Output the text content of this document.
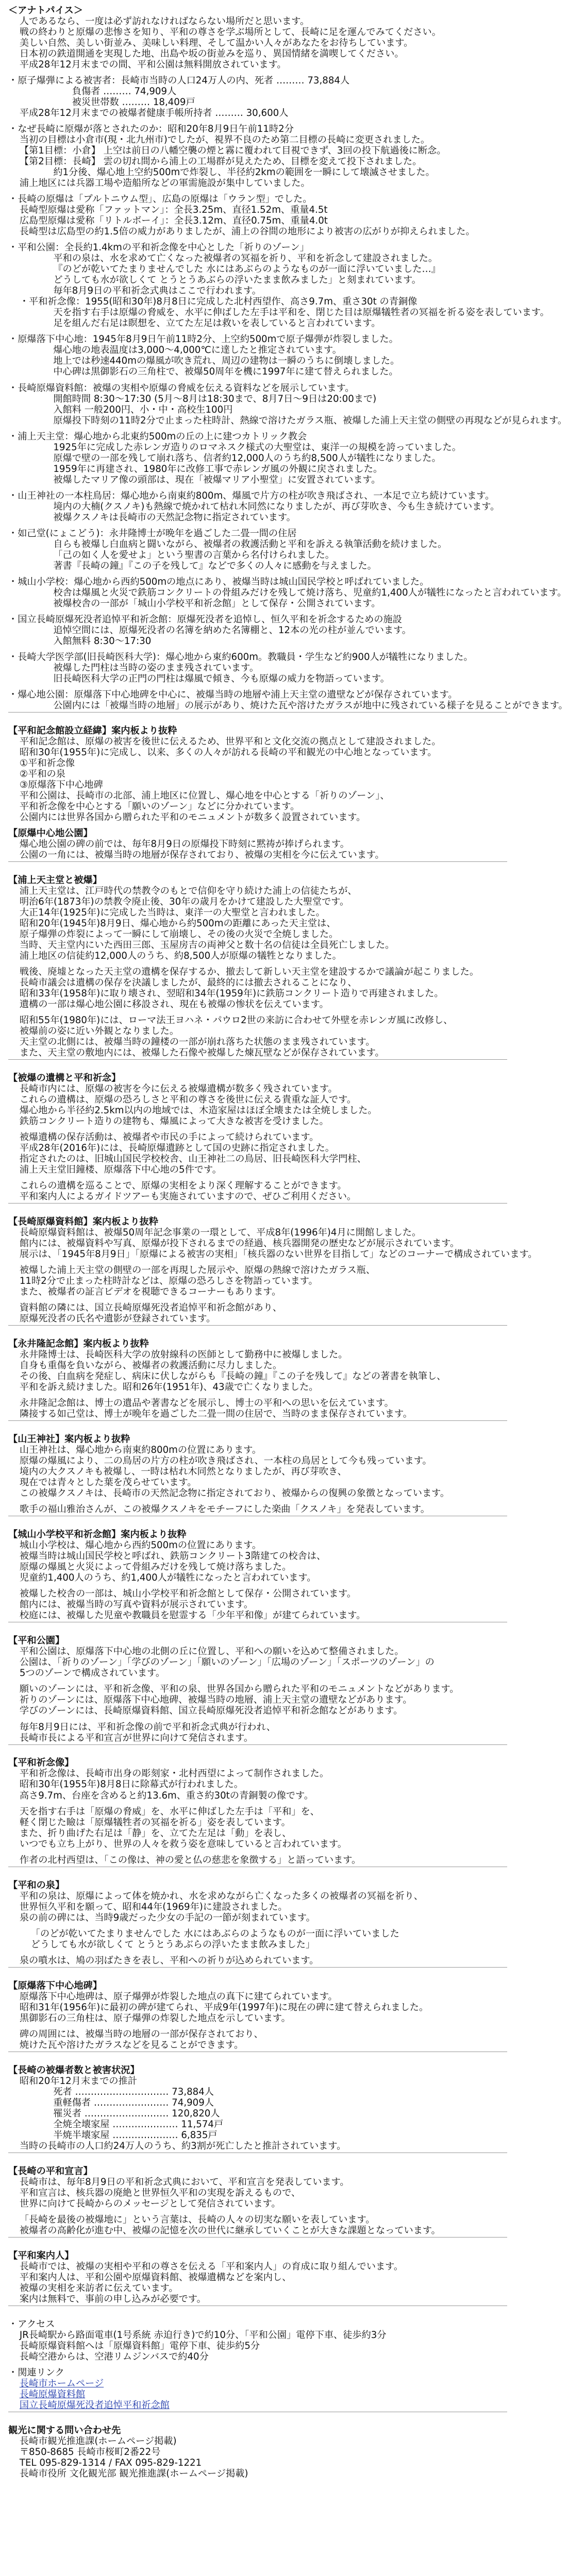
＜アナトパイス＞
人であるなら、一度は必ず訪れなければならない場所だと思います。
戦の終わりと原爆の悲惨さを知り、平和の尊さを学ぶ場所として、長崎に足を運んでみてください。
美しい自然、美しい街並み、美味しい料理、そして温かい人々があなたをお待ちしています。
日本初の鉄道開通を実現した地、出島や坂の街並みを巡り、異国情緒を満喫してください。
平成28年12月末までの間、平和公園は無料開放されています。
・原子爆弾による被害者：長崎市当時の人口24万人の内、死者 ……… 73,884人
負傷者 ……… 74,909人
被災世帯数 ……… 18,409戸
平成28年12月末までの被爆者健康手帳所持者 ……… 30,600人
・なぜ長崎に原爆が落とされたのか：昭和20年8月9日午前11時2分
当初の目標は小倉市(現・北九州市)でしたが、視界不良のため第二目標の長崎に変更されました。
【第1目標：小倉】 上空は前日の八幡空襲の煙と霧に覆われて目視できず、3回の投下航過後に断念。
【第2目標：長崎】 雲の切れ間から浦上の工場群が見えたため、目標を変えて投下されました。
約1分後、爆心地上空約500mで炸裂し、半径約2kmの範囲を一瞬にして壊滅させました。
浦上地区には兵器工場や造船所などの軍需施設が集中していました。
・長崎の原爆は「プルトニウム型」、広島の原爆は「ウラン型」でした。
長崎型原爆は愛称「ファットマン」：全長3.25m、直径1.52m、重量4.5t
広島型原爆は愛称「リトルボーイ」：全長3.12m、直径0.75m、重量4.0t
長崎型は広島型の約1.5倍の威力がありましたが、浦上の谷間の地形により被害の広がりが抑えられました。
・平和公園：全長約1.4kmの平和祈念像を中心とした「祈りのゾーン」
平和の泉は、水を求めて亡くなった被爆者の冥福を祈り、平和を祈念して建設されました。
『のどが乾いてたまりませんでした 水にはあぶらのようなものが一面に浮いていました…』
どうしても水が欲しくて とうとうあぶらの浮いたまま飲みました」と刻まれています。
毎年8月9日の平和祈念式典はここで行われます。
・平和祈念像：1955(昭和30年)8月8日に完成した北村西望作、高さ9.7m、重さ30t の青銅像
天を指す右手は原爆の脅威を、水平に伸ばした左手は平和を、閉じた目は原爆犠牲者の冥福を祈る姿を表しています。
足を組んだ右足は瞑想を、立てた左足は救いを表していると言われています。
・原爆落下中心地：1945年8月9日午前11時2分、上空約500mで原子爆弾が炸裂しました。
爆心地の地表温度は3,000〜4,000℃に達したと推定されています。
地上では秒速440mの爆風が吹き荒れ、周辺の建物は一瞬のうちに倒壊しました。
中心碑は黒御影石の三角柱で、被爆50周年を機に1997年に建て替えられました。
・長崎原爆資料館：被爆の実相や原爆の脅威を伝える資料などを展示しています。
開館時間 8:30〜17:30 (5月〜8月は18:30まで、8月7日〜9日は20:00まで)
入館料 一般200円、小・中・高校生100円
原爆投下時刻の11時2分で止まった柱時計、熱線で溶けたガラス瓶、被爆した浦上天主堂の側壁の再現などが見られます。
・浦上天主堂：爆心地から北東約500mの丘の上に建つカトリック教会
1925年に完成した赤レンガ造りのロマネスク様式の大聖堂は、東洋一の規模を誇っていました。
原爆で壁の一部を残して崩れ落ち、信者約12,000人のうち約8,500人が犠牲になりました。
1959年に再建され、1980年に改修工事で赤レンガ風の外観に戻されました。
被爆したマリア像の頭部は、現在「被爆マリア小聖堂」に安置されています。
・山王神社の一本柱鳥居：爆心地から南東約800m、爆風で片方の柱が吹き飛ばされ、一本足で立ち続けています。
境内の大楠(クスノキ)も熱線で焼かれて枯れ木同然になりましたが、再び芽吹き、今も生き続けています。
被爆クスノキは長崎市の天然記念物に指定されています。
・如己堂(にょこどう)：永井隆博士が晩年を過ごした二畳一間の住居
自らも被爆し白血病と闘いながら、被爆者の救護活動と平和を訴える執筆活動を続けました。
「己の如く人を愛せよ」という聖書の言葉から名付けられました。
著書『長崎の鐘』『この子を残して』などで多くの人々に感動を与えました。
・城山小学校：爆心地から西約500mの地点にあり、被爆当時は城山国民学校と呼ばれていました。
校舎は爆風と火災で鉄筋コンクリートの骨組みだけを残して焼け落ち、児童約1,400人が犠牲になったと言われています。
被爆校舎の一部が「城山小学校平和祈念館」として保存・公開されています。
・国立長崎原爆死没者追悼平和祈念館：原爆死没者を追悼し、恒久平和を祈念するための施設
追悼空間には、原爆死没者の名簿を納めた名簿棚と、12本の光の柱が並んでいます。
入館無料 8:30〜17:30
・長崎大学医学部(旧長崎医科大学)：爆心地から東約600m。教職員・学生など約900人が犠牲になりました。
被爆した門柱は当時の姿のまま残されています。
旧長崎医科大学の正門の門柱は爆風で傾き、今も原爆の威力を物語っています。
・爆心地公園：原爆落下中心地碑を中心に、被爆当時の地層や浦上天主堂の遺壁などが保存されています。
公園内には「被爆当時の地層」の展示があり、焼けた瓦や溶けたガラスが地中に残されている様子を見ることができます。
【平和記念館設立経緯】案内板より抜粋
平和記念館は、原爆の被害を後世に伝えるため、世界平和と文化交流の拠点として建設されました。
昭和30年(1955年)に完成し、以来、多くの人々が訪れる長崎の平和観光の中心地となっています。
①平和祈念像
②平和の泉
③原爆落下中心地碑
平和公園は、長崎市の北部、浦上地区に位置し、爆心地を中心とする「祈りのゾーン」、
平和祈念像を中心とする「願いのゾーン」などに分かれています。
公園内には世界各国から贈られた平和のモニュメントが数多く設置されています。
【原爆中心地公園】
爆心地公園の碑の前では、毎年8月9日の原爆投下時刻に黙祷が捧げられます。
公園の一角には、被爆当時の地層が保存されており、被爆の実相を今に伝えています。
【浦上天主堂と被爆】
浦上天主堂は、江戸時代の禁教令のもとで信仰を守り続けた浦上の信徒たちが、
明治6年(1873年)の禁教令廃止後、30年の歳月をかけて建設した大聖堂です。
大正14年(1925年)に完成した当時は、東洋一の大聖堂と言われました。
昭和20年(1945年)8月9日、爆心地から約500mの距離にあった天主堂は、
原子爆弾の炸裂によって一瞬にして崩壊し、その後の火災で全焼しました。
当時、天主堂内にいた西田三郎、玉屋房吉の両神父と数十名の信徒は全員死亡しました。
浦上地区の信徒約12,000人のうち、約8,500人が原爆の犠牲となりました。
戦後、廃墟となった天主堂の遺構を保存するか、撤去して新しい天主堂を建設するかで議論が起こりました。
長崎市議会は遺構の保存を決議しましたが、最終的には撤去されることになり、
昭和33年(1958年)に取り壊され、翌昭和34年(1959年)に鉄筋コンクリート造りで再建されました。
遺構の一部は爆心地公園に移設され、現在も被爆の惨状を伝えています。
昭和55年(1980年)には、ローマ法王ヨハネ・パウロ2世の来訪に合わせて外壁を赤レンガ風に改修し、
被爆前の姿に近い外観となりました。
天主堂の北側には、被爆当時の鐘楼の一部が崩れ落ちた状態のまま残されています。
また、天主堂の敷地内には、被爆した石像や被爆した煉瓦壁などが保存されています。
【被爆の遺構と平和祈念】
長崎市内には、原爆の被害を今に伝える被爆遺構が数多く残されています。
これらの遺構は、原爆の恐ろしさと平和の尊さを後世に伝える貴重な証人です。
爆心地から半径約2.5km以内の地域では、木造家屋はほぼ全壊または全焼しました。
鉄筋コンクリート造りの建物も、爆風によって大きな被害を受けました。
被爆遺構の保存活動は、被爆者や市民の手によって続けられています。
平成28年(2016年)には、長崎原爆遺跡として国の史跡に指定されました。
指定されたのは、旧城山国民学校校舎、山王神社二の鳥居、旧長崎医科大学門柱、
浦上天主堂旧鐘楼、原爆落下中心地の5件です。
これらの遺構を巡ることで、原爆の実相をより深く理解することができます。
平和案内人によるガイドツアーも実施されていますので、ぜひご利用ください。
【長崎原爆資料館】案内板より抜粋
長崎原爆資料館は、被爆50周年記念事業の一環として、平成8年(1996年)4月に開館しました。
館内には、被爆資料や写真、原爆が投下されるまでの経過、核兵器開発の歴史などが展示されています。
展示は、「1945年8月9日」「原爆による被害の実相」「核兵器のない世界を目指して」などのコーナーで構成されています。
被爆した浦上天主堂の側壁の一部を再現した展示や、原爆の熱線で溶けたガラス瓶、
11時2分で止まった柱時計などは、原爆の恐ろしさを物語っています。
また、被爆者の証言ビデオを視聴できるコーナーもあります。
資料館の隣には、国立長崎原爆死没者追悼平和祈念館があり、
原爆死没者の氏名や遺影が登録されています。
【永井隆記念館】案内板より抜粋
永井隆博士は、長崎医科大学の放射線科の医師として勤務中に被爆しました。
自身も重傷を負いながら、被爆者の救護活動に尽力しました。
その後、白血病を発症し、病床に伏しながらも『長崎の鐘』『この子を残して』などの著書を執筆し、
平和を訴え続けました。昭和26年(1951年)、43歳で亡くなりました。
永井隆記念館は、博士の遺品や著書などを展示し、博士の平和への思いを伝えています。
隣接する如己堂は、博士が晩年を過ごした二畳一間の住居で、当時のまま保存されています。
【山王神社】案内板より抜粋
山王神社は、爆心地から南東約800mの位置にあります。
原爆の爆風により、二の鳥居の片方の柱が吹き飛ばされ、一本柱の鳥居として今も残っています。
境内の大クスノキも被爆し、一時は枯れ木同然となりましたが、再び芽吹き、
現在では青々とした葉を茂らせています。
この被爆クスノキは、長崎市の天然記念物に指定されており、被爆からの復興の象徴となっています。
歌手の福山雅治さんが、この被爆クスノキをモチーフにした楽曲「クスノキ」を発表しています。
【城山小学校平和祈念館】案内板より抜粋
城山小学校は、爆心地から西約500mの位置にあります。
被爆当時は城山国民学校と呼ばれ、鉄筋コンクリート3階建ての校舎は、
原爆の爆風と火災によって骨組みだけを残して焼け落ちました。
児童約1,400人のうち、約1,400人が犠牲になったと言われています。
被爆した校舎の一部は、城山小学校平和祈念館として保存・公開されています。
館内には、被爆当時の写真や資料が展示されています。
校庭には、被爆した児童や教職員を慰霊する「少年平和像」が建てられています。
【平和公園】
平和公園は、原爆落下中心地の北側の丘に位置し、平和への願いを込めて整備されました。
公園は、「祈りのゾーン」「学びのゾーン」「願いのゾーン」「広場のゾーン」「スポーツのゾーン」の
5つのゾーンで構成されています。
願いのゾーンには、平和祈念像、平和の泉、世界各国から贈られた平和のモニュメントなどがあります。
祈りのゾーンには、原爆落下中心地碑、被爆当時の地層、浦上天主堂の遺壁などがあります。
学びのゾーンには、長崎原爆資料館、国立長崎原爆死没者追悼平和祈念館などがあります。
毎年8月9日には、平和祈念像の前で平和祈念式典が行われ、
長崎市長による平和宣言が世界に向けて発信されます。
【平和祈念像】
平和祈念像は、長崎市出身の彫刻家・北村西望によって制作されました。
昭和30年(1955年)8月8日に除幕式が行われました。
高さ9.7m、台座を含めると約13.6m、重さ約30tの青銅製の像です。
天を指す右手は「原爆の脅威」を、水平に伸ばした左手は「平和」を、
軽く閉じた瞼は「原爆犠牲者の冥福を祈る」姿を表しています。
また、折り曲げた右足は「静」を、立てた左足は「動」を表し、
いつでも立ち上がり、世界の人々を救う姿を意味していると言われています。
作者の北村西望は、「この像は、神の愛と仏の慈悲を象徴する」と語っています。
【平和の泉】
平和の泉は、原爆によって体を焼かれ、水を求めながら亡くなった多くの被爆者の冥福を祈り、
世界恒久平和を願って、昭和44年(1969年)に建設されました。
泉の前の碑には、当時9歳だった少女の手記の一節が刻まれています。
「のどが乾いてたまりませんでした 水にはあぶらのようなものが一面に浮いていました
どうしても水が欲しくて とうとうあぶらの浮いたまま飲みました」
泉の噴水は、鳩の羽ばたきを表し、平和への祈りが込められています。
【原爆落下中心地碑】
原爆落下中心地碑は、原子爆弾が炸裂した地点の真下に建てられています。
昭和31年(1956年)に最初の碑が建てられ、平成9年(1997年)に現在の碑に建て替えられました。
黒御影石の三角柱は、原子爆弾の炸裂した地点を示しています。
碑の周囲には、被爆当時の地層の一部が保存されており、
焼けた瓦や溶けたガラスなどを見ることができます。
【長崎の被爆者数と被害状況】
昭和20年12月末までの推計
死者 ………………………… 73,884人
重軽傷者 …………………… 74,909人
罹災者 ……………………… 120,820人
全焼全壊家屋 ………………… 11,574戸
半焼半壊家屋 ………………… 6,835戸
当時の長崎市の人口約24万人のうち、約3割が死亡したと推計されています。
【長崎の平和宣言】
長崎市は、毎年8月9日の平和祈念式典において、平和宣言を発表しています。
平和宣言は、核兵器の廃絶と世界恒久平和の実現を訴えるもので、
世界に向けて長崎からのメッセージとして発信されています。
「長崎を最後の被爆地に」という言葉は、長崎の人々の切実な願いを表しています。
被爆者の高齢化が進む中、被爆の記憶を次の世代に継承していくことが大きな課題となっています。
【平和案内人】
長崎市では、被爆の実相や平和の尊さを伝える「平和案内人」の育成に取り組んでいます。
平和案内人は、平和公園や原爆資料館、被爆遺構などを案内し、
被爆の実相を来訪者に伝えています。
案内は無料で、事前の申し込みが必要です。
・アクセス
JR長崎駅から路面電車(1号系統 赤迫行き)で約10分、「平和公園」電停下車、徒歩約3分
長崎原爆資料館へは「原爆資料館」電停下車、徒歩約5分
長崎空港からは、空港リムジンバスで約40分
・関連リンク
長崎市ホームページ
長崎原爆資料館
国立長崎原爆死没者追悼平和祈念館
観光に関する問い合わせ先
長崎市観光推進課(ホームページ掲載)
〒850-8685 長崎市桜町2番22号
TEL 095-829-1314 / FAX 095-829-1221
長崎市役所 文化観光部 観光推進課(ホームページ掲載)
